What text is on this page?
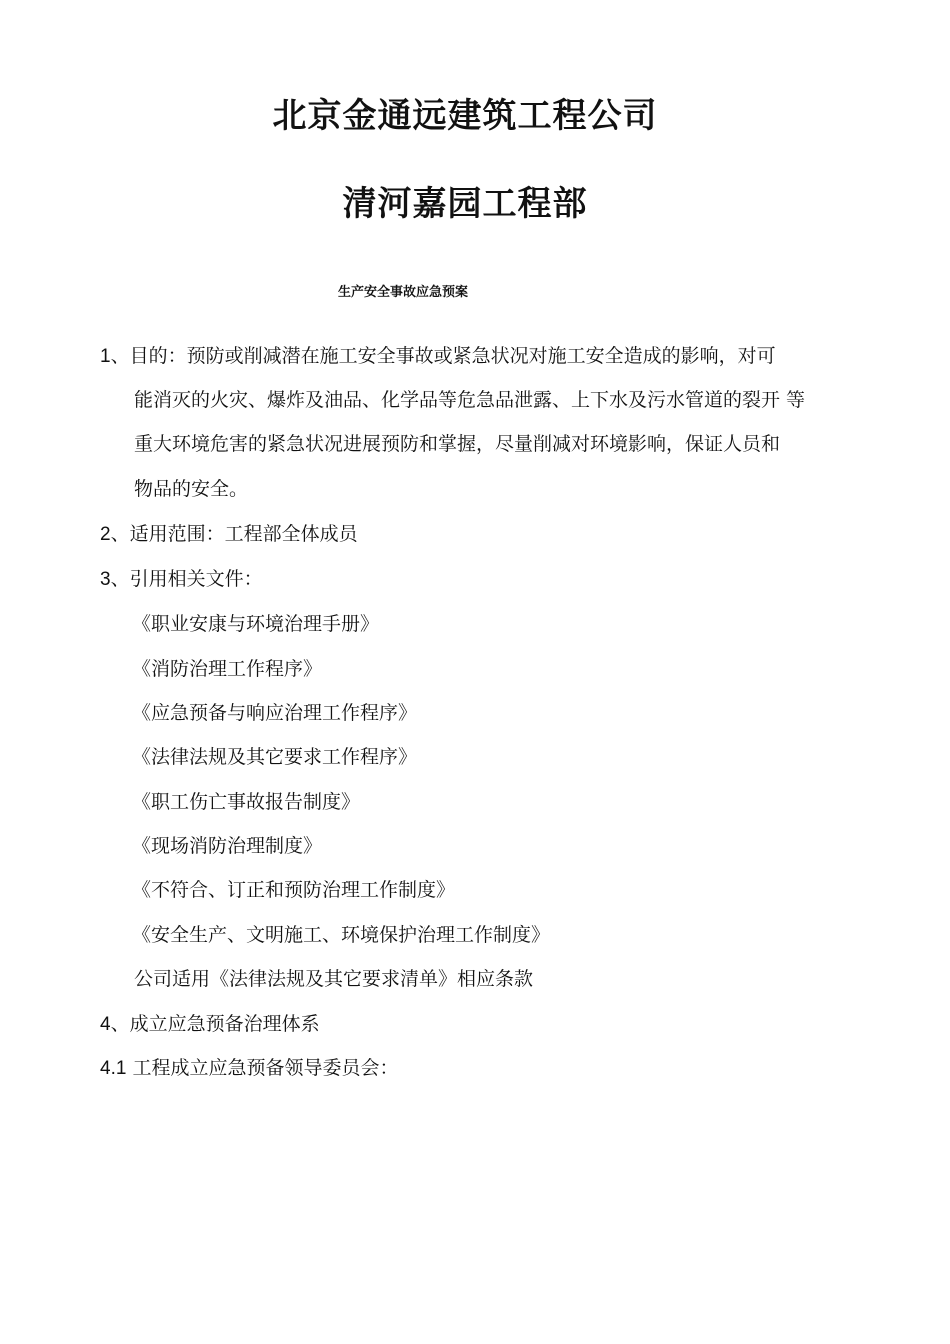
北京金通远建筑工程公司
清河嘉园工程部
生产安全事故应急预案
1、目的：预防或削减潜在施工安全事故或紧急状况对施工安全造成的影响，对可
能消灭的火灾、爆炸及油品、化学品等危急品泄露、上下水及污水管道的裂开 等
重大环境危害的紧急状况进展预防和掌握，尽量削减对环境影响，保证人员和
物品的安全。
2、适用范围：工程部全体成员
3、引用相关文件：
《职业安康与环境治理手册》
《消防治理工作程序》
《应急预备与响应治理工作程序》
《法律法规及其它要求工作程序》
《职工伤亡事故报告制度》
《现场消防治理制度》
《不符合、订正和预防治理工作制度》
《安全生产、文明施工、环境保护治理工作制度》
公司适用《法律法规及其它要求清单》相应条款
4、成立应急预备治理体系
4.1 工程成立应急预备领导委员会：
